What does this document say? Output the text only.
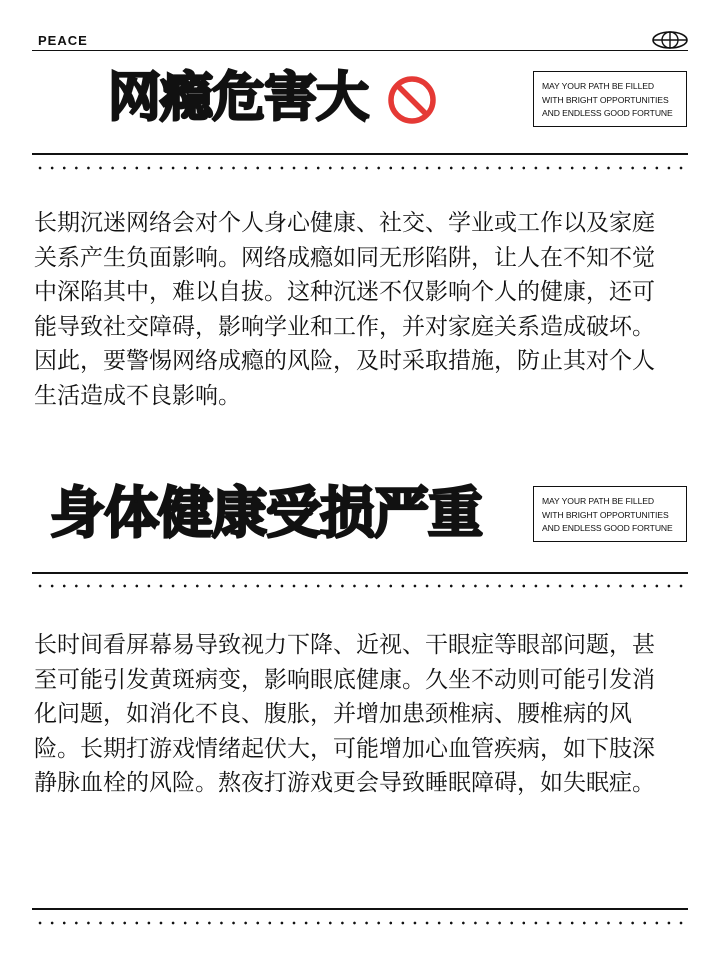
PEACE
网瘾危害大	MAY YOUR PATH BE FILLED
WITH BRIGHT OPPORTUNITIES
AND ENDLESS GOOD FORTUNE
长期沉迷网络会对个人身心健康、社交、学业或工作以及家庭关系产生负面影响。网络成瘾如同无形陷阱，让人在不知不觉中深陷其中，难以自拔。这种沉迷不仅影响个人的健康，还可能导致社交障碍，影响学业和工作，并对家庭关系造成破坏。因此，要警惕网络成瘾的风险，及时采取措施，防止其对个人生活造成不良影响。
身体健康受损严重	MAY YOUR PATH BE FILLED
WITH BRIGHT OPPORTUNITIES
AND ENDLESS GOOD FORTUNE
长时间看屏幕易导致视力下降、近视、干眼症等眼部问题，甚至可能引发黄斑病变，影响眼底健康。久坐不动则可能引发消化问题，如消化不良、腹胀，并增加患颈椎病、腰椎病的风险。长期打游戏情绪起伏大，可能增加心血管疾病，如下肢深静脉血栓的风险。熬夜打游戏更会导致睡眠障碍，如失眠症。
